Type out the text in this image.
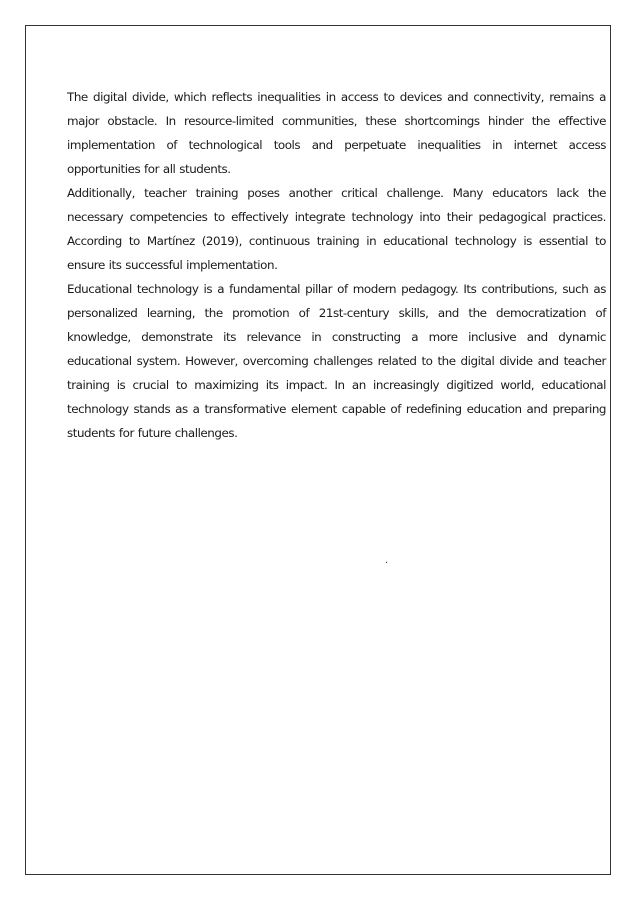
The digital divide, which reflects inequalities in access to devices and connectivity, remains a major obstacle. In resource-limited communities, these shortcomings hinder the effective implementation of technological tools and perpetuate inequalities in internet access opportunities for all students.

Additionally, teacher training poses another critical challenge. Many educators lack the necessary competencies to effectively integrate technology into their pedagogical practices. According to Martínez (2019), continuous training in educational technology is essential to ensure its successful implementation.

Educational technology is a fundamental pillar of modern pedagogy. Its contributions, such as personalized learning, the promotion of 21st-century skills, and the democratization of knowledge, demonstrate its relevance in constructing a more inclusive and dynamic educational system. However, overcoming challenges related to the digital divide and teacher training is crucial to maximizing its impact. In an increasingly digitized world, educational technology stands as a transformative element capable of redefining education and preparing students for future challenges.

.
